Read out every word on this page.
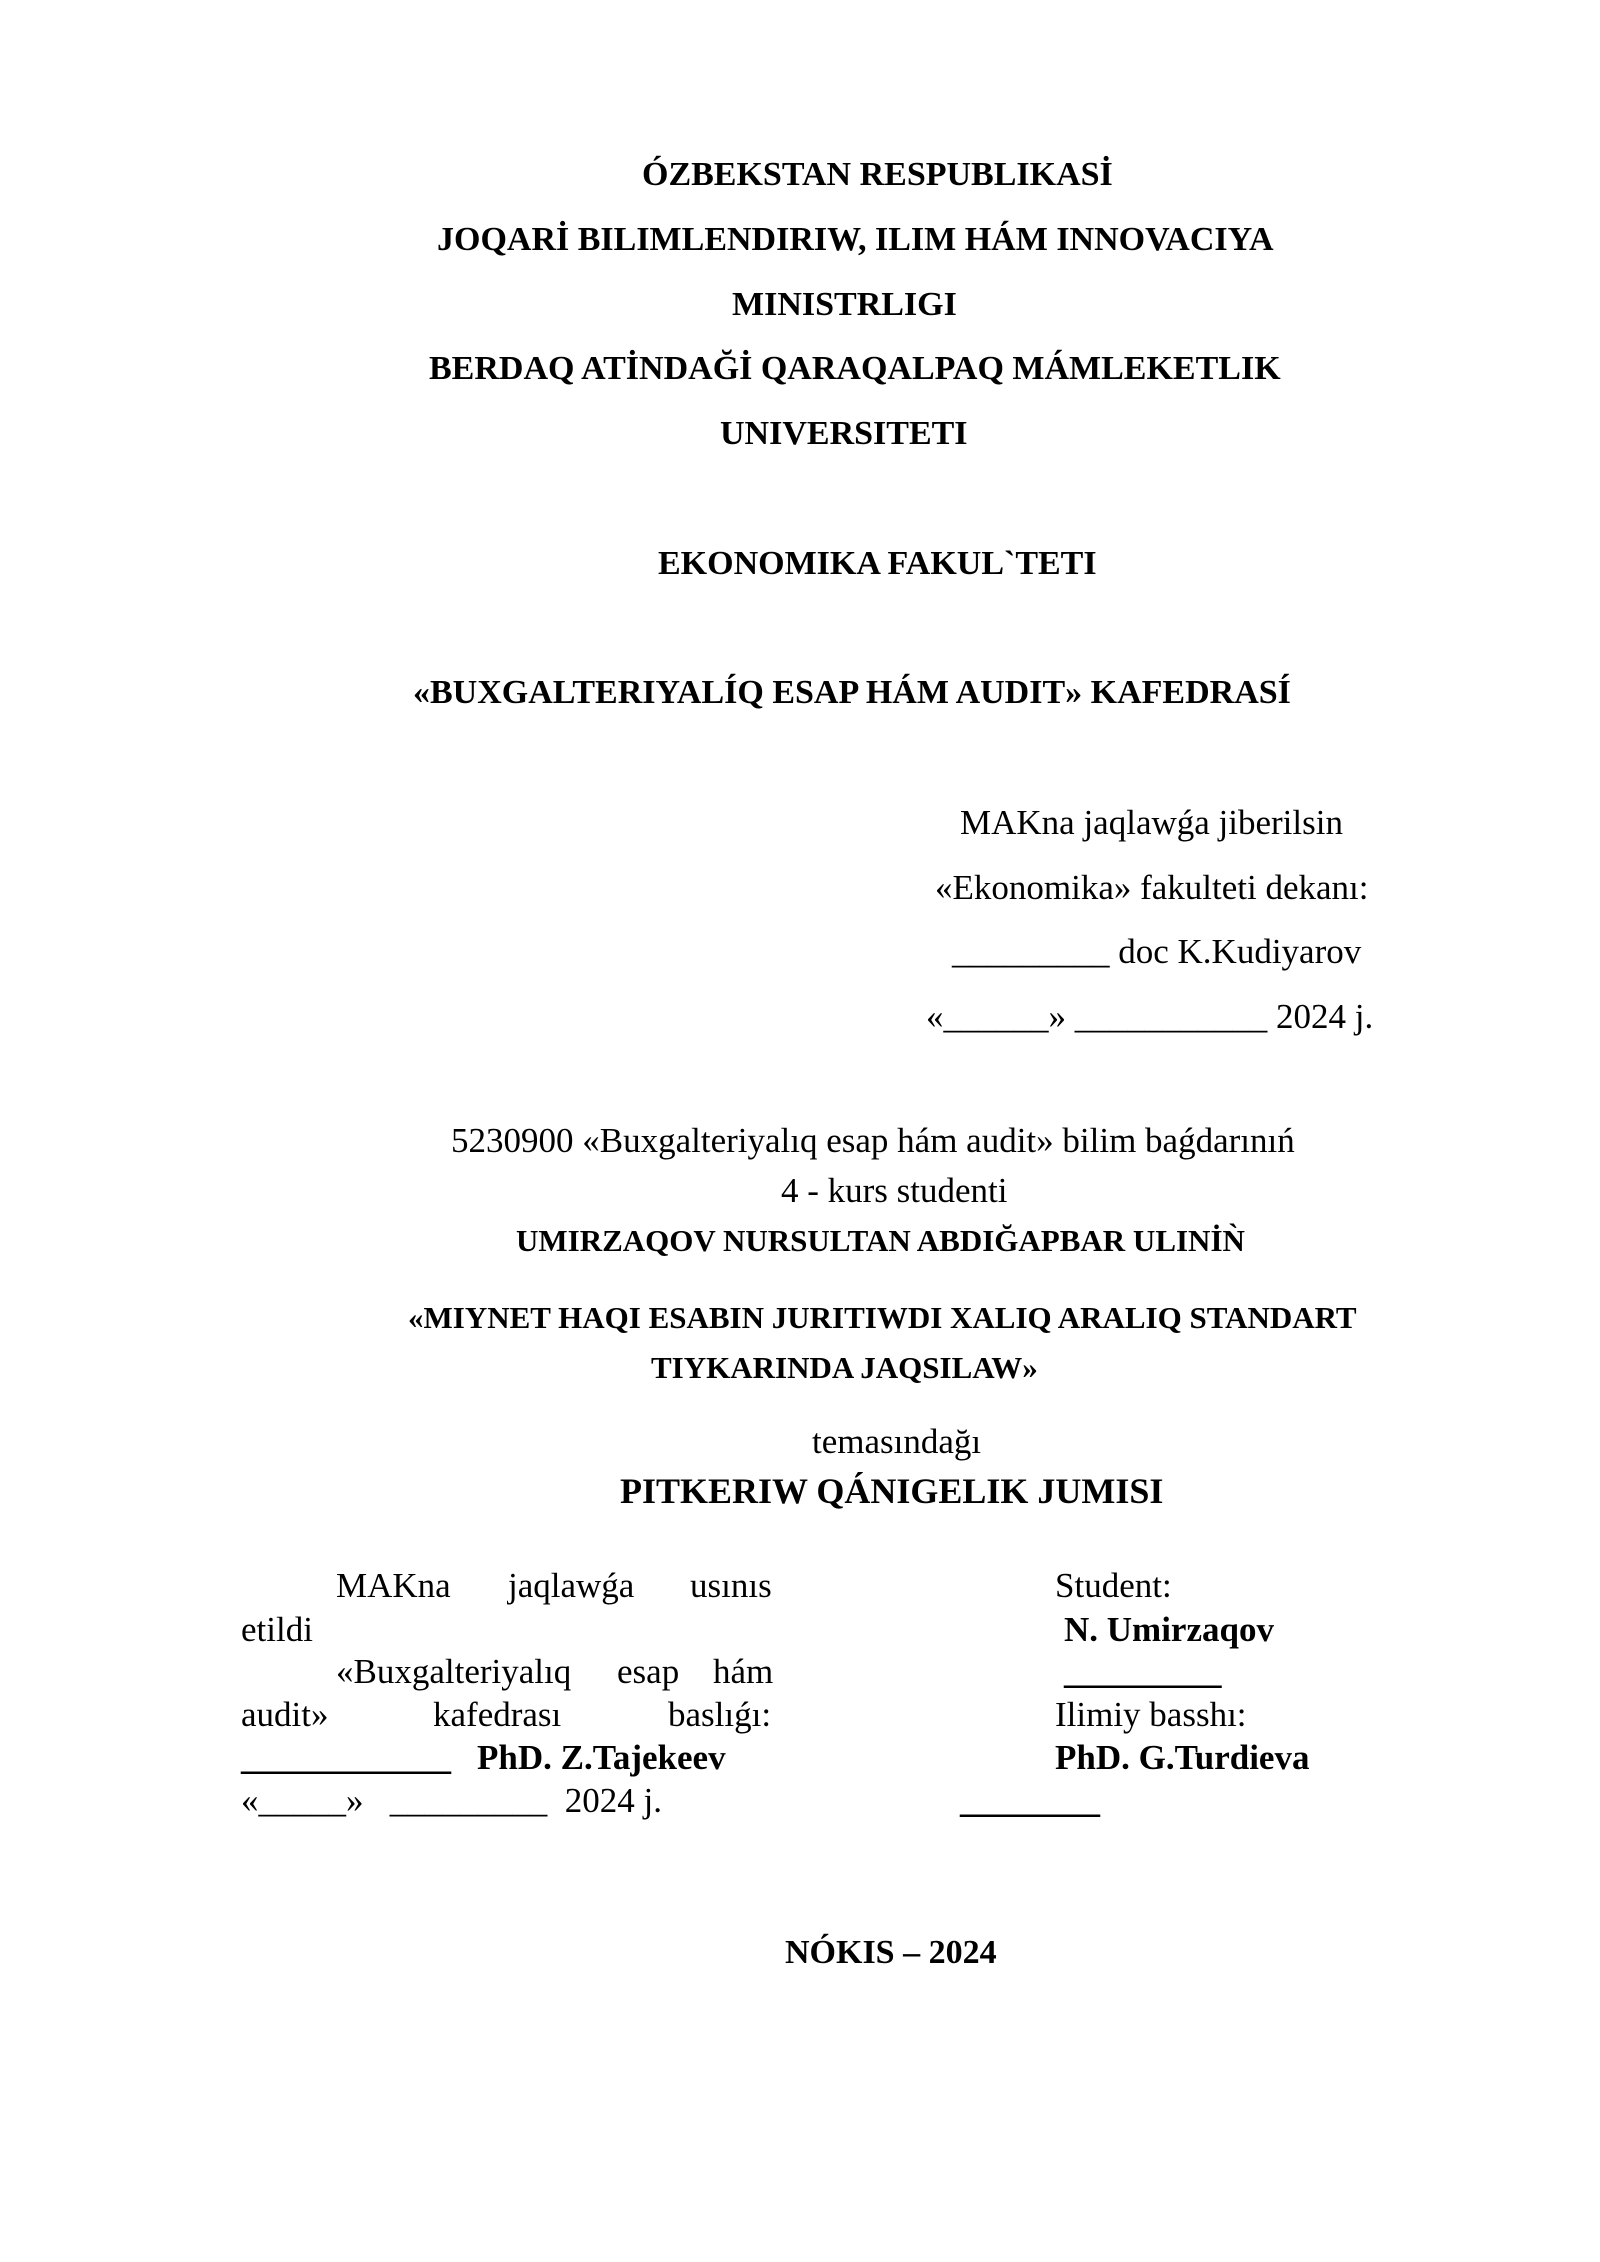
ÓZBEKSTAN RESPUBLIKASİ
JOQARİ BILIMLENDIRIW, ILIM HÁM INNOVACIYA
MINISTRLIGI
BERDAQ ATİNDAĞİ QARAQALPAQ MÁMLEKETLIK
UNIVERSITETI
EKONOMIKA FAKUL`TETI
«BUXGALTERIYALÍQ ESAP HÁM AUDIT» KAFEDRASÍ
MAKna jaqlawǵa jiberilsin
«Ekonomika» fakulteti dekanı:
_________ doc K.Kudiyarov
«______» ___________ 2024 j.
5230900 «Buxgalteriyalıq esap hám audit» bilim baǵdarınıń
4 - kurs studenti
UMIRZAQOV NURSULTAN ABDIĞAPBAR ULINİǸ
«MIYNET HAQI ESABIN JURITIWDI XALIQ ARALIQ STANDART
TIYKARINDA JAQSILAW»
temasındağı
PITKERIW QÁNIGELIK JUMISI
MAKna jaqlawǵa usınıs
etildi
«Buxgalteriyalıq esap hám
audit»	kafedrası	baslıǵı:
____________ PhD. Z.Tajekeev
«_____»   _________  2024 j.
Student:
N. Umirzaqov
_________
Ilimiy basshı:
PhD. G.Turdieva
________
NÓKIS – 2024
